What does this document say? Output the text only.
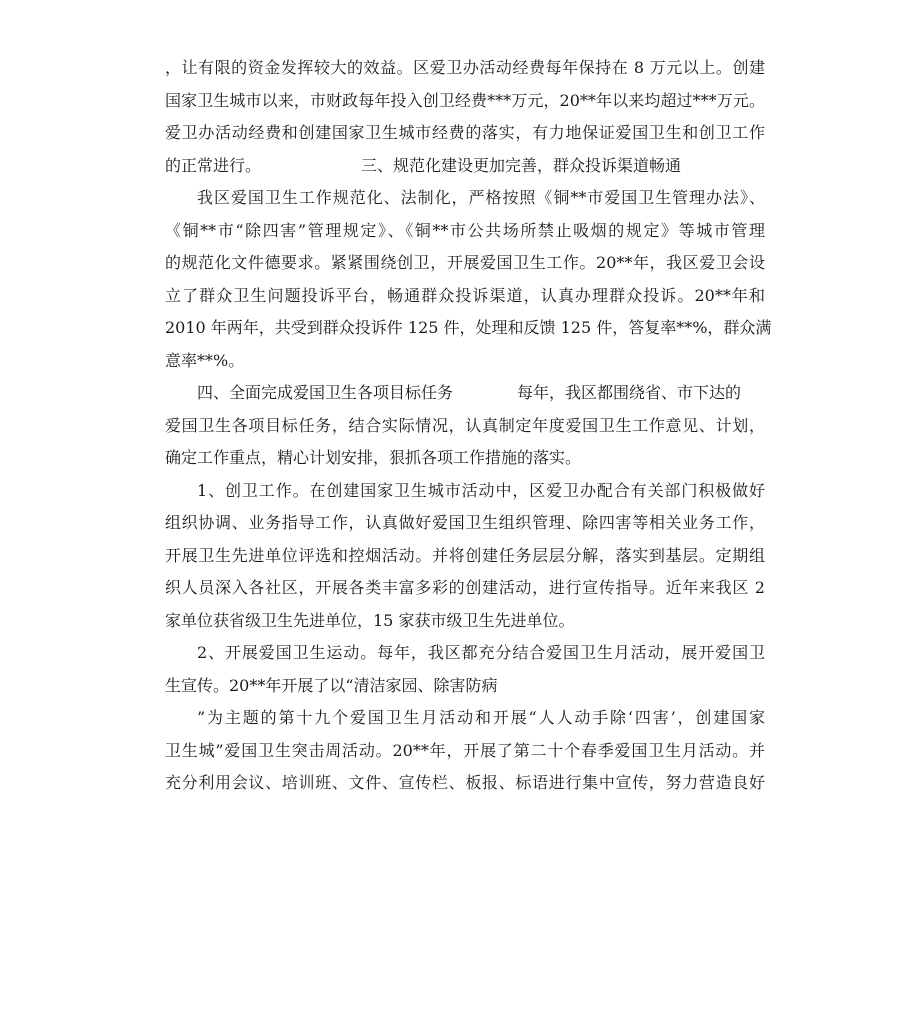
，让有限的资金发挥较大的效益。区爱卫办活动经费每年保持在 8 万元以上。创建
国家卫生城市以来，市财政每年投入创卫经费***万元，20**年以来均超过***万元。
爱卫办活动经费和创建国家卫生城市经费的落实，有力地保证爱国卫生和创卫工作
的正常进行。	三、规范化建设更加完善，群众投诉渠道畅通
我区爱国卫生工作规范化、法制化，严格按照《铜**市爱国卫生管理办法》、
《铜**市“除四害”管理规定》、《铜**市公共场所禁止吸烟的规定》等城市管理
的规范化文件德要求。紧紧围绕创卫，开展爱国卫生工作。20**年，我区爱卫会设
立了群众卫生问题投诉平台，畅通群众投诉渠道，认真办理群众投诉。20**年和
2010 年两年，共受到群众投诉件 125 件，处理和反馈 125 件，答复率**%，群众满
意率**%。
四、全面完成爱国卫生各项目标任务	每年，我区都围绕省、市下达的
爱国卫生各项目标任务，结合实际情况，认真制定年度爱国卫生工作意见、计划，
确定工作重点，精心计划安排，狠抓各项工作措施的落实。
1、创卫工作。在创建国家卫生城市活动中，区爱卫办配合有关部门积极做好
组织协调、业务指导工作，认真做好爱国卫生组织管理、除四害等相关业务工作，
开展卫生先进单位评选和控烟活动。并将创建任务层层分解，落实到基层。定期组
织人员深入各社区，开展各类丰富多彩的创建活动，进行宣传指导。近年来我区 2
家单位获省级卫生先进单位，15 家获市级卫生先进单位。
2、开展爱国卫生运动。每年，我区都充分结合爱国卫生月活动，展开爱国卫
生宣传。20**年开展了以“清洁家园、除害防病
”为主题的第十九个爱国卫生月活动和开展“人人动手除‘四害’，创建国家
卫生城”爱国卫生突击周活动。20**年，开展了第二十个春季爱国卫生月活动。并
充分利用会议、培训班、文件、宣传栏、板报、标语进行集中宣传，努力营造良好
